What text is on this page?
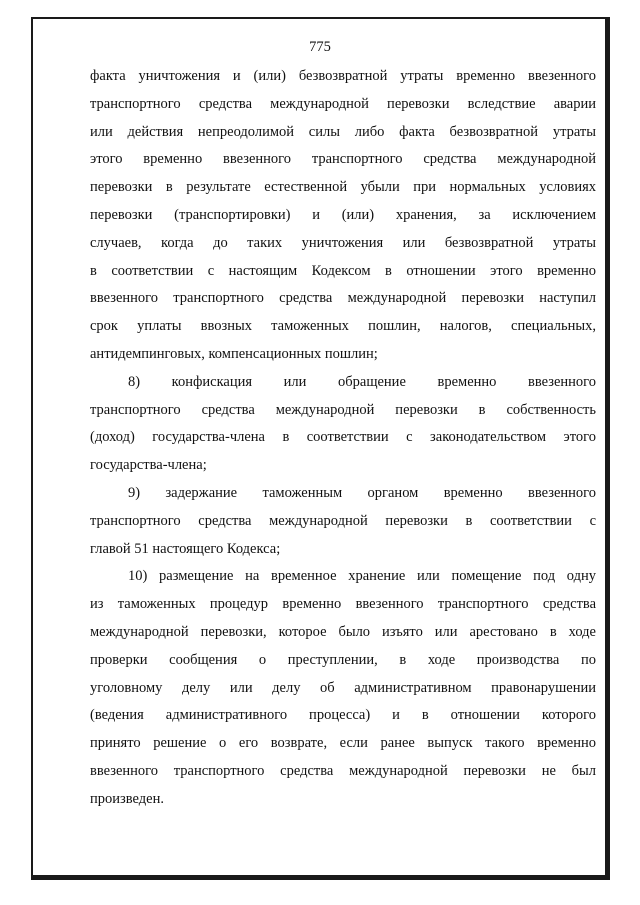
775

факта уничтожения и (или) безвозвратной утраты временно ввезенного
транспортного средства международной перевозки вследствие аварии
или действия непреодолимой силы либо факта безвозвратной утраты
этого временно ввезенного транспортного средства международной
перевозки в результате естественной убыли при нормальных условиях
перевозки (транспортировки) и (или) хранения, за исключением
случаев, когда до таких уничтожения или безвозвратной утраты
в соответствии с настоящим Кодексом в отношении этого временно
ввезенного транспортного средства международной перевозки наступил
срок уплаты ввозных таможенных пошлин, налогов, специальных,
антидемпинговых, компенсационных пошлин;

8) конфискация или обращение временно ввезенного
транспортного средства международной перевозки в собственность
(доход) государства-члена в соответствии с законодательством этого
государства-члена;

9) задержание таможенным органом временно ввезенного
транспортного средства международной перевозки в соответствии с
главой 51 настоящего Кодекса;

10) размещение на временное хранение или помещение под одну
из таможенных процедур временно ввезенного транспортного средства
международной перевозки, которое было изъято или арестовано в ходе
проверки сообщения о преступлении, в ходе производства по
уголовному делу или делу об административном правонарушении
(ведения административного процесса) и в отношении которого
принято решение о его возврате, если ранее выпуск такого временно
ввезенного транспортного средства международной перевозки не был
произведен.
